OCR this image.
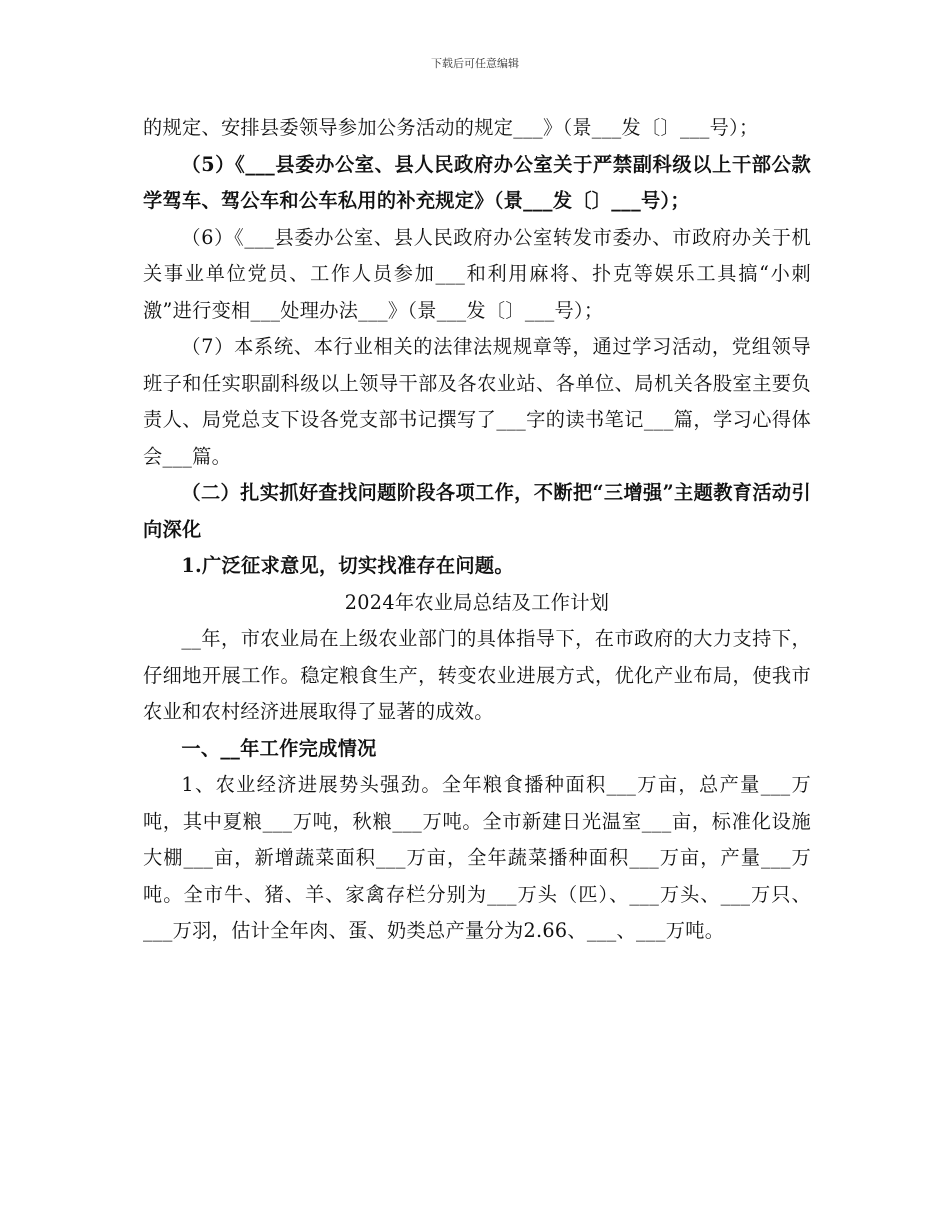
下载后可任意编辑

的规定、安排县委领导参加公务活动的规定___》（景___发〔〕___号）；

（5）《___县委办公室、县人民政府办公室关于严禁副科级以上干部公款学驾车、驾公车和公车私用的补充规定》（景___发〔〕___号）；

（6）《___县委办公室、县人民政府办公室转发市委办、市政府办关于机关事业单位党员、工作人员参加___和利用麻将、扑克等娱乐工具搞“小刺激”进行变相___处理办法___》（景___发〔〕___号）；

（7）本系统、本行业相关的法律法规规章等，通过学习活动，党组领导班子和任实职副科级以上领导干部及各农业站、各单位、局机关各股室主要负责人、局党总支下设各党支部书记撰写了___字的读书笔记___篇，学习心得体会___篇。

（二）扎实抓好查找问题阶段各项工作，不断把“三增强”主题教育活动引向深化

1.广泛征求意见，切实找准存在问题。

2024年农业局总结及工作计划

__年，市农业局在上级农业部门的具体指导下，在市政府的大力支持下，仔细地开展工作。稳定粮食生产，转变农业进展方式，优化产业布局，使我市农业和农村经济进展取得了显著的成效。

一、__年工作完成情况

1、农业经济进展势头强劲。全年粮食播种面积___万亩，总产量___万吨，其中夏粮___万吨，秋粮___万吨。全市新建日光温室___亩，标准化设施大棚___亩，新增蔬菜面积___万亩，全年蔬菜播种面积___万亩，产量___万吨。全市牛、猪、羊、家禽存栏分别为___万头（匹）、___万头、___万只、___万羽，估计全年肉、蛋、奶类总产量分为2.66、___、___万吨。
